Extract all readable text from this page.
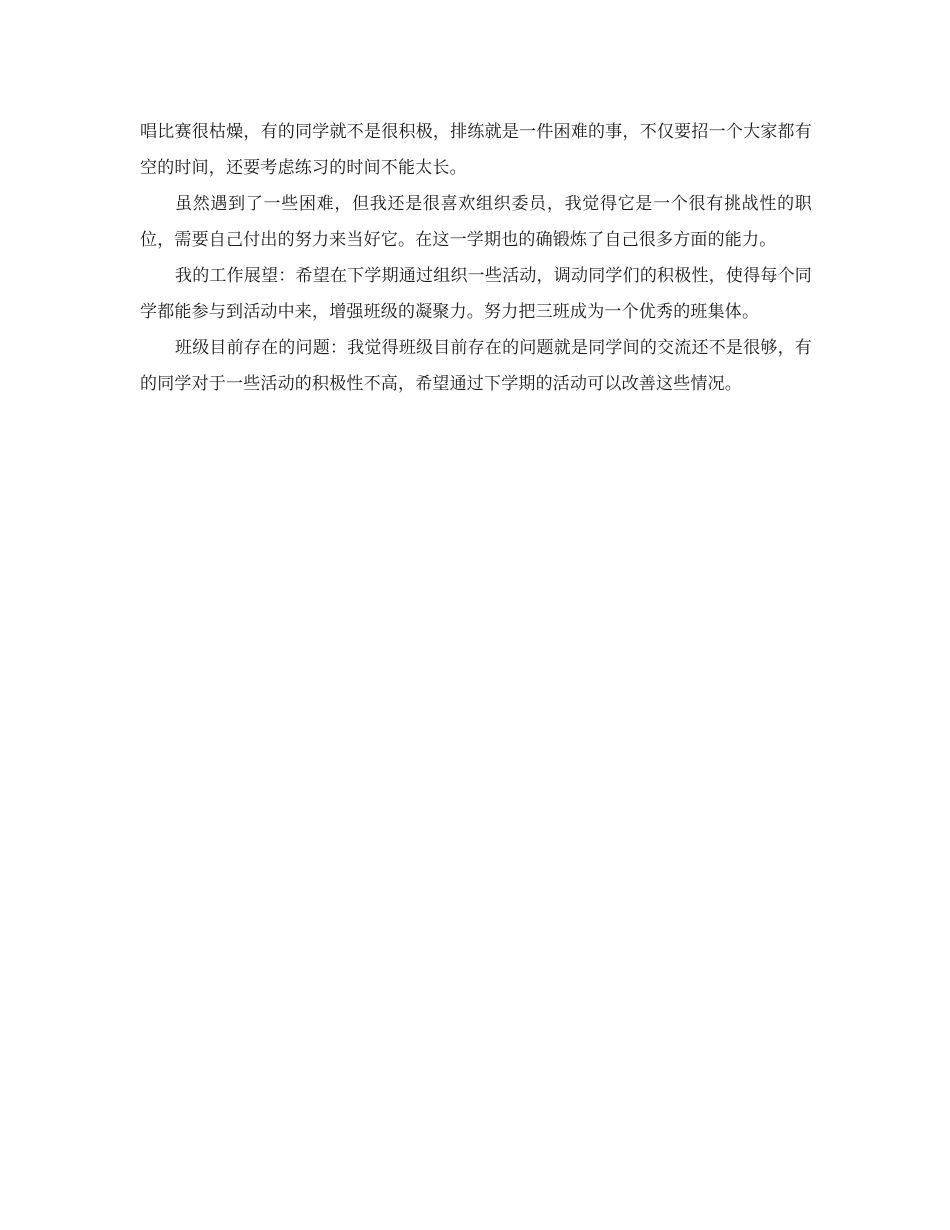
唱比赛很枯燥，有的同学就不是很积极，排练就是一件困难的事，不仅要招一个大家都有空的时间，还要考虑练习的时间不能太长。

虽然遇到了一些困难，但我还是很喜欢组织委员，我觉得它是一个很有挑战性的职位，需要自己付出的努力来当好它。在这一学期也的确锻炼了自己很多方面的能力。

我的工作展望：希望在下学期通过组织一些活动，调动同学们的积极性，使得每个同学都能参与到活动中来，增强班级的凝聚力。努力把三班成为一个优秀的班集体。

班级目前存在的问题：我觉得班级目前存在的问题就是同学间的交流还不是很够，有的同学对于一些活动的积极性不高，希望通过下学期的活动可以改善这些情况。
